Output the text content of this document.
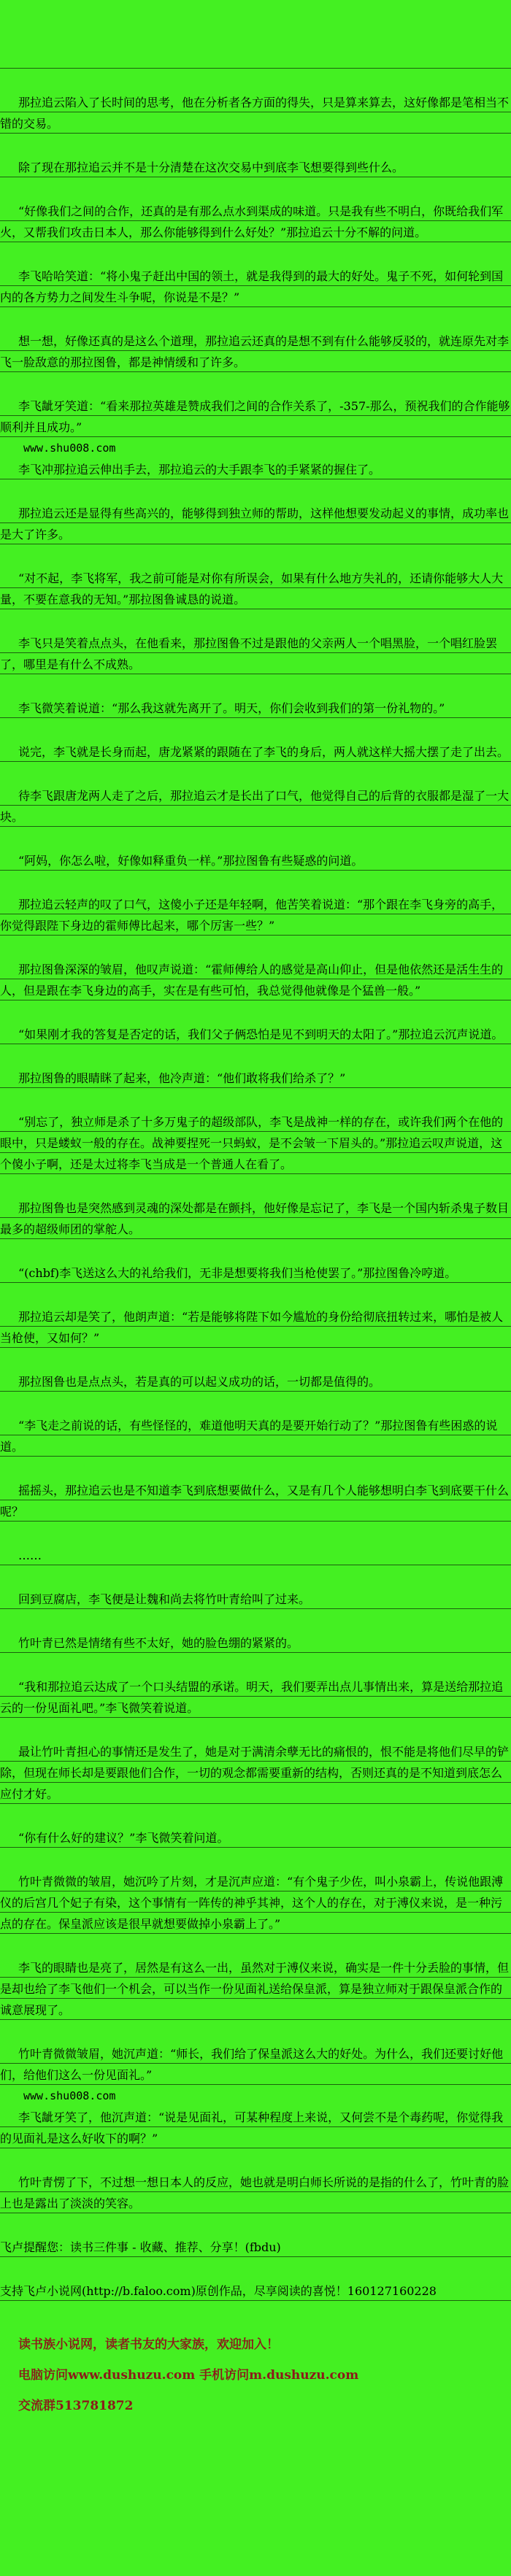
那拉追云陷入了长时间的思考，他在分析者各方面的得失，只是算来算去，这好像都是笔相当不错的交易。
除了现在那拉追云并不是十分清楚在这次交易中到底李飞想要得到些什么。
“好像我们之间的合作，还真的是有那么点水到渠成的味道。只是我有些不明白，你既给我们军火，又帮我们攻击日本人，那么你能够得到什么好处？”那拉追云十分不解的问道。
李飞哈哈笑道：“将小鬼子赶出中国的领土，就是我得到的最大的好处。鬼子不死，如何轮到国内的各方势力之间发生斗争呢，你说是不是？”
想一想，好像还真的是这么个道理，那拉追云还真的是想不到有什么能够反驳的，就连原先对李飞一脸敌意的那拉图鲁，都是神情缓和了许多。
李飞龇牙笑道：“看来那拉英雄是赞成我们之间的合作关系了，-357-那么，预祝我们的合作能够顺利并且成功。”
www.shu008.com
李飞冲那拉追云伸出手去，那拉追云的大手跟李飞的手紧紧的握住了。
那拉追云还是显得有些高兴的，能够得到独立师的帮助，这样他想要发动起义的事情，成功率也是大了许多。
“对不起，李飞将军，我之前可能是对你有所误会，如果有什么地方失礼的，还请你能够大人大量，不要在意我的无知。”那拉图鲁诚恳的说道。
李飞只是笑着点点头，在他看来，那拉图鲁不过是跟他的父亲两人一个唱黑脸，一个唱红脸罢了，哪里是有什么不成熟。
李飞微笑着说道：“那么我这就先离开了。明天，你们会收到我们的第一份礼物的。”
说完，李飞就是长身而起，唐龙紧紧的跟随在了李飞的身后，两人就这样大摇大摆了走了出去。
待李飞跟唐龙两人走了之后，那拉追云才是长出了口气，他觉得自己的后背的衣服都是湿了一大块。
“阿妈，你怎么啦，好像如释重负一样。”那拉图鲁有些疑惑的问道。
那拉追云轻声的叹了口气，这傻小子还是年轻啊，他苦笑着说道：“那个跟在李飞身旁的高手，你觉得跟陛下身边的霍师傅比起来，哪个厉害一些？”
那拉图鲁深深的皱眉，他叹声说道：“霍师傅给人的感觉是高山仰止，但是他依然还是活生生的人，但是跟在李飞身边的高手，实在是有些可怕，我总觉得他就像是个猛兽一般。”
“如果刚才我的答复是否定的话，我们父子俩恐怕是见不到明天的太阳了。”那拉追云沉声说道。
那拉图鲁的眼睛眯了起来，他冷声道：“他们敢将我们给杀了？”
“别忘了，独立师是杀了十多万鬼子的超级部队，李飞是战神一样的存在，或许我们两个在他的眼中，只是蝼蚁一般的存在。战神要捏死一只蚂蚁，是不会皱一下眉头的。”那拉追云叹声说道，这个傻小子啊，还是太过将李飞当成是一个普通人在看了。
那拉图鲁也是突然感到灵魂的深处都是在颤抖，他好像是忘记了，李飞是一个国内斩杀鬼子数目最多的超级师团的掌舵人。
“(chbf)李飞送这么大的礼给我们，无非是想要将我们当枪使罢了。”那拉图鲁冷哼道。
那拉追云却是笑了，他朗声道：“若是能够将陛下如今尴尬的身份给彻底扭转过来，哪怕是被人当枪使，又如何？”
那拉图鲁也是点点头，若是真的可以起义成功的话，一切都是值得的。
“李飞走之前说的话，有些怪怪的，难道他明天真的是要开始行动了？”那拉图鲁有些困惑的说道。
摇摇头，那拉追云也是不知道李飞到底想要做什么，又是有几个人能够想明白李飞到底要干什么呢？
……
回到豆腐店，李飞便是让魏和尚去将竹叶青给叫了过来。
竹叶青已然是情绪有些不太好，她的脸色绷的紧紧的。
“我和那拉追云达成了一个口头结盟的承诺。明天，我们要弄出点儿事情出来，算是送给那拉追云的一份见面礼吧。”李飞微笑着说道。
最让竹叶青担心的事情还是发生了，她是对于满清余孽无比的痛恨的，恨不能是将他们尽早的铲除，但现在师长却是要跟他们合作，一切的观念都需要重新的结构，否则还真的是不知道到底怎么应付才好。
“你有什么好的建议？”李飞微笑着问道。
竹叶青微微的皱眉，她沉吟了片刻，才是沉声应道：“有个鬼子少佐，叫小泉霸上，传说他跟溥仪的后宫几个妃子有染，这个事情有一阵传的神乎其神，这个人的存在，对于溥仪来说，是一种污点的存在。保皇派应该是很早就想要做掉小泉霸上了。”
李飞的眼睛也是亮了，居然是有这么一出，虽然对于溥仪来说，确实是一件十分丢脸的事情，但是却也给了李飞他们一个机会，可以当作一份见面礼送给保皇派，算是独立师对于跟保皇派合作的诚意展现了。
竹叶青微微皱眉，她沉声道：“师长，我们给了保皇派这么大的好处。为什么，我们还要讨好他们，给他们这么一份见面礼。”
www.shu008.com
李飞龇牙笑了，他沉声道：“说是见面礼，可某种程度上来说，又何尝不是个毒药呢，你觉得我的见面礼是这么好收下的啊？”
竹叶青愣了下，不过想一想日本人的反应，她也就是明白师长所说的是指的什么了，竹叶青的脸上也是露出了淡淡的笑容。
飞卢提醒您：读书三件事 - 收藏、推荐、分享！(fbdu)
支持飞卢小说网(http://b.faloo.com)原创作品，尽享阅读的喜悦！160127160228
读书族小说网，读者书友的大家族，欢迎加入！
电脑访问www.dushuzu.com 手机访问m.dushuzu.com
交流群513781872
